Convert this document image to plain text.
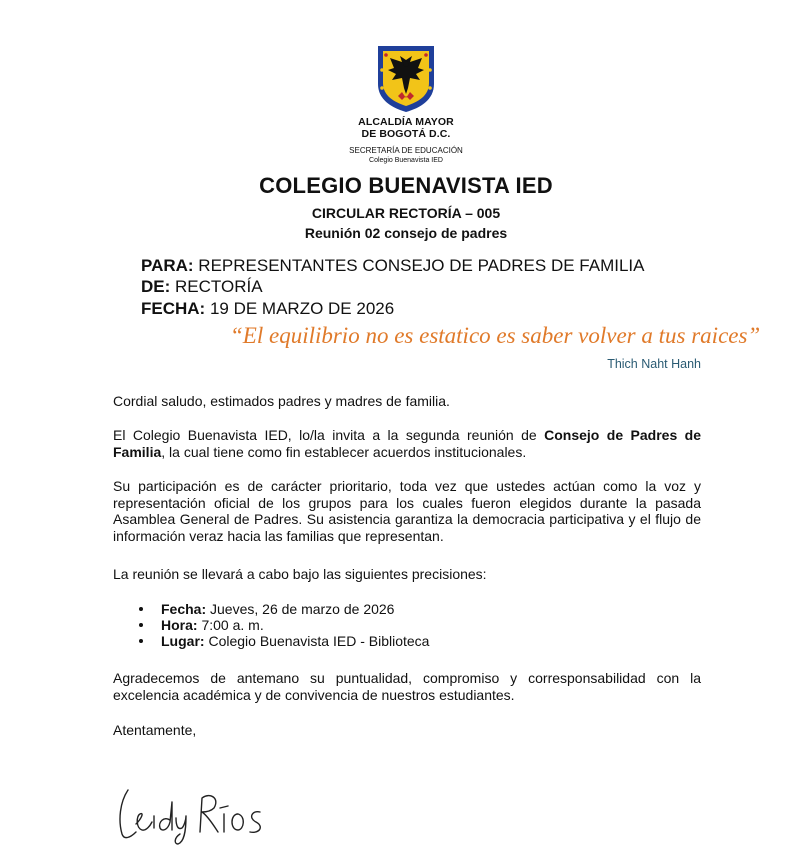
ALCALDÍA MAYOR
DE BOGOTÁ D.C.
SECRETARÍA DE EDUCACIÓN
Colegio Buenavista IED
COLEGIO BUENAVISTA IED
CIRCULAR RECTORÍA – 005
Reunión 02 consejo de padres
PARA: REPRESENTANTES CONSEJO DE PADRES DE FAMILIA
DE: RECTORÍA
FECHA: 19 DE MARZO DE 2026
“El equilibrio no es estatico es saber volver a tus raices”
Thich Naht Hanh
Cordial saludo, estimados padres y madres de familia.
El Colegio Buenavista IED, lo/la invita a la segunda reunión de Consejo de Padres de Familia, la cual tiene como fin establecer acuerdos institucionales.
Su participación es de carácter prioritario, toda vez que ustedes actúan como la voz y representación oficial de los grupos para los cuales fueron elegidos durante la pasada Asamblea General de Padres. Su asistencia garantiza la democracia participativa y el flujo de información veraz hacia las familias que representan.
La reunión se llevará a cabo bajo las siguientes precisiones:
Fecha: Jueves, 26 de marzo de 2026
Hora: 7:00 a. m.
Lugar: Colegio Buenavista IED - Biblioteca
Agradecemos de antemano su puntualidad, compromiso y corresponsabilidad con la excelencia académica y de convivencia de nuestros estudiantes.
Atentamente,
